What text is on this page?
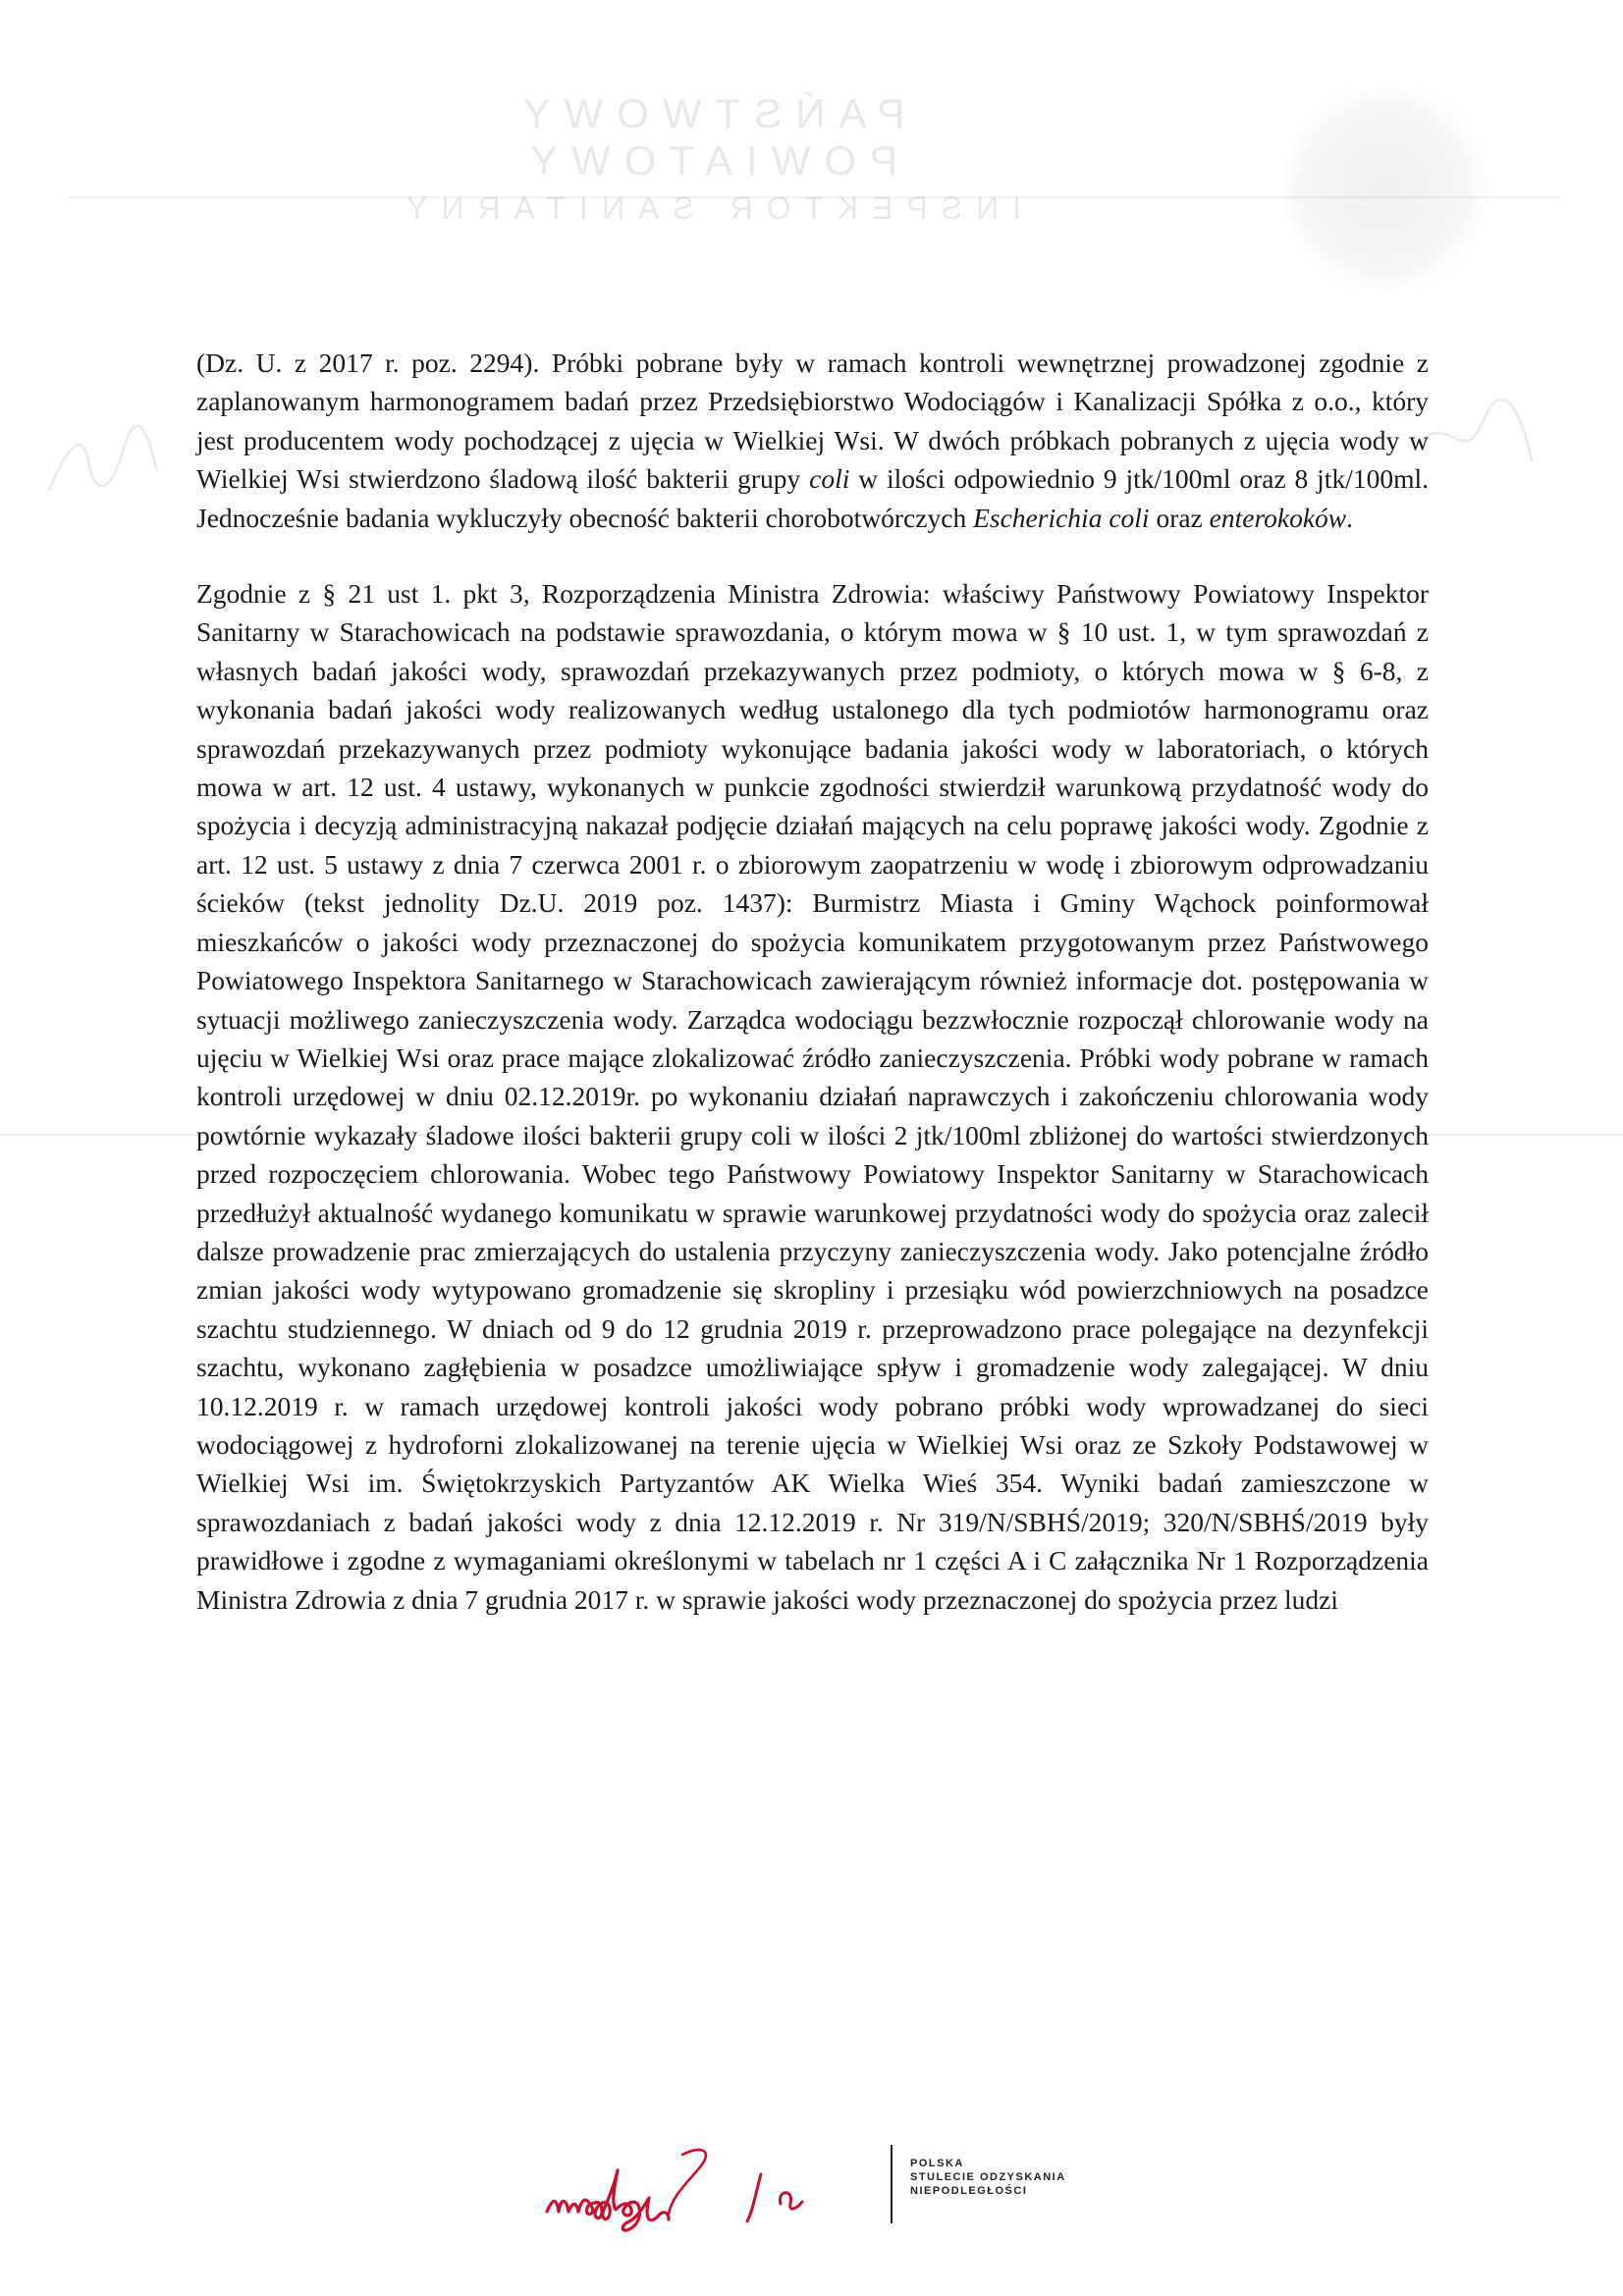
PAŃSTWOWY POWIATOWY
INSPEKTOR SANITARNY

(Dz. U. z 2017 r. poz. 2294). Próbki pobrane były w ramach kontroli wewnętrznej prowadzonej zgodnie z zaplanowanym harmonogramem badań przez Przedsiębiorstwo Wodociągów i Kanalizacji Spółka z o.o., który jest producentem wody pochodzącej z ujęcia w Wielkiej Wsi. W dwóch próbkach pobranych z ujęcia wody w Wielkiej Wsi stwierdzono śladową ilość bakterii grupy coli w ilości odpowiednio 9 jtk/100ml oraz 8 jtk/100ml. Jednocześnie badania wykluczyły obecność bakterii chorobotwórczych Escherichia coli oraz enterokoków.

Zgodnie z § 21 ust 1. pkt 3, Rozporządzenia Ministra Zdrowia: właściwy Państwowy Powiatowy Inspektor Sanitarny w Starachowicach na podstawie sprawozdania, o którym mowa w § 10 ust. 1, w tym sprawozdań z własnych badań jakości wody, sprawozdań przekazywanych przez podmioty, o których mowa w § 6-8, z wykonania badań jakości wody realizowanych według ustalonego dla tych podmiotów harmonogramu oraz sprawozdań przekazywanych przez podmioty wykonujące badania jakości wody w laboratoriach, o których mowa w art. 12 ust. 4 ustawy, wykonanych w punkcie zgodności stwierdził warunkową przydatność wody do spożycia i decyzją administracyjną nakazał podjęcie działań mających na celu poprawę jakości wody. Zgodnie z art. 12 ust. 5 ustawy z dnia 7 czerwca 2001 r. o zbiorowym zaopatrzeniu w wodę i zbiorowym odprowadzaniu ścieków (tekst jednolity Dz.U. 2019 poz. 1437): Burmistrz Miasta i Gminy Wąchock poinformował mieszkańców o jakości wody przeznaczonej do spożycia komunikatem przygotowanym przez Państwowego Powiatowego Inspektora Sanitarnego w Starachowicach zawierającym również informacje dot. postępowania w sytuacji możliwego zanieczyszczenia wody. Zarządca wodociągu bezzwłocznie rozpoczął chlorowanie wody na ujęciu w Wielkiej Wsi oraz prace mające zlokalizować źródło zanieczyszczenia. Próbki wody pobrane w ramach kontroli urzędowej w dniu 02.12.2019r. po wykonaniu działań naprawczych i zakończeniu chlorowania wody powtórnie wykazały śladowe ilości bakterii grupy coli w ilości 2 jtk/100ml zbliżonej do wartości stwierdzonych przed rozpoczęciem chlorowania. Wobec tego Państwowy Powiatowy Inspektor Sanitarny w Starachowicach przedłużył aktualność wydanego komunikatu w sprawie warunkowej przydatności wody do spożycia oraz zalecił dalsze prowadzenie prac zmierzających do ustalenia przyczyny zanieczyszczenia wody. Jako potencjalne źródło zmian jakości wody wytypowano gromadzenie się skropliny i przesiąku wód powierzchniowych na posadzce szachtu studziennego. W dniach od 9 do 12 grudnia 2019 r. przeprowadzono prace polegające na dezynfekcji szachtu, wykonano zagłębienia w posadzce umożliwiające spływ i gromadzenie wody zalegającej. W dniu 10.12.2019 r. w ramach urzędowej kontroli jakości wody pobrano próbki wody wprowadzanej do sieci wodociągowej z hydroforni zlokalizowanej na terenie ujęcia w Wielkiej Wsi oraz ze Szkoły Podstawowej w Wielkiej Wsi im. Świętokrzyskich Partyzantów AK Wielka Wieś 354. Wyniki badań zamieszczone w sprawozdaniach z badań jakości wody z dnia 12.12.2019 r. Nr 319/N/SBHŚ/2019; 320/N/SBHŚ/2019 były prawidłowe i zgodne z wymaganiami określonymi w tabelach nr 1 części A i C załącznika Nr 1 Rozporządzenia Ministra Zdrowia z dnia 7 grudnia 2017 r. w sprawie jakości wody przeznaczonej do spożycia przez ludzi

POLSKA
STULECIE ODZYSKANIA
NIEPODLEGŁOŚCI
